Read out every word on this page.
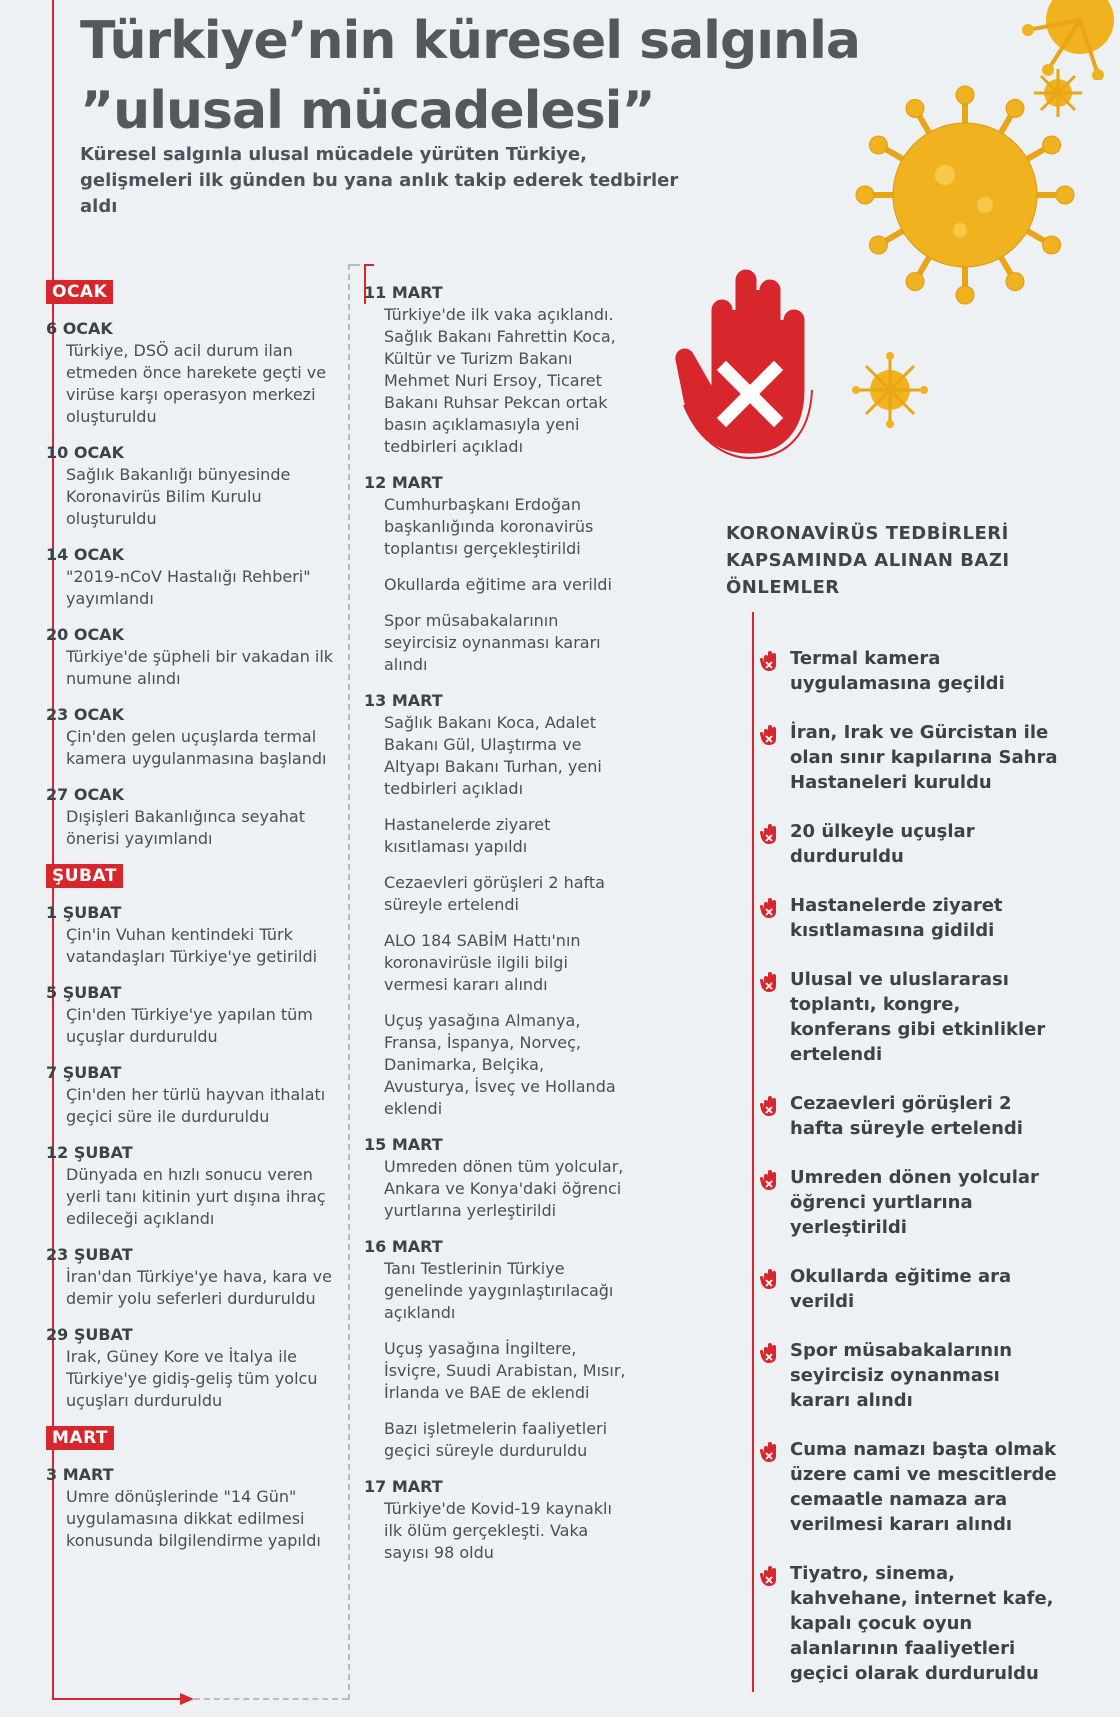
Türkiye’nin küresel salgınla
”ulusal mücadelesi”

Küresel salgınla ulusal mücadele yürüten Türkiye, gelişmeleri ilk günden bu yana anlık takip ederek tedbirler aldı

OCAK
6 OCAK
Türkiye, DSÖ acil durum ilan etmeden önce harekete geçti ve virüse karşı operasyon merkezi oluşturuldu
10 OCAK
Sağlık Bakanlığı bünyesinde Koronavirüs Bilim Kurulu oluşturuldu
14 OCAK
"2019-nCoV Hastalığı Rehberi" yayımlandı
20 OCAK
Türkiye'de şüpheli bir vakadan ilk numune alındı
23 OCAK
Çin'den gelen uçuşlarda termal kamera uygulanmasına başlandı
27 OCAK
Dışişleri Bakanlığınca seyahat önerisi yayımlandı
ŞUBAT
1 ŞUBAT
Çin'in Vuhan kentindeki Türk vatandaşları Türkiye'ye getirildi
5 ŞUBAT
Çin'den Türkiye'ye yapılan tüm uçuşlar durduruldu
7 ŞUBAT
Çin'den her türlü hayvan ithalatı geçici süre ile durduruldu
12 ŞUBAT
Dünyada en hızlı sonucu veren yerli tanı kitinin yurt dışına ihraç edileceği açıklandı
23 ŞUBAT
İran'dan Türkiye'ye hava, kara ve demir yolu seferleri durduruldu
29 ŞUBAT
Irak, Güney Kore ve İtalya ile Türkiye'ye gidiş-geliş tüm yolcu uçuşları durduruldu
MART
3 MART
Umre dönüşlerinde "14 Gün" uygulamasına dikkat edilmesi konusunda bilgilendirme yapıldı
11 MART
Türkiye'de ilk vaka açıklandı. Sağlık Bakanı Fahrettin Koca, Kültür ve Turizm Bakanı Mehmet Nuri Ersoy, Ticaret Bakanı Ruhsar Pekcan ortak basın açıklamasıyla yeni tedbirleri açıkladı
12 MART
Cumhurbaşkanı Erdoğan başkanlığında koronavirüs toplantısı gerçekleştirildi
Okullarda eğitime ara verildi
Spor müsabakalarının seyircisiz oynanması kararı alındı
13 MART
Sağlık Bakanı Koca, Adalet Bakanı Gül, Ulaştırma ve Altyapı Bakanı Turhan, yeni tedbirleri açıkladı
Hastanelerde ziyaret kısıtlaması yapıldı
Cezaevleri görüşleri 2 hafta süreyle ertelendi
ALO 184 SABİM Hattı'nın koronavirüsle ilgili bilgi vermesi kararı alındı
Uçuş yasağına Almanya, Fransa, İspanya, Norveç, Danimarka, Belçika, Avusturya, İsveç ve Hollanda eklendi
15 MART
Umreden dönen tüm yolcular, Ankara ve Konya'daki öğrenci yurtlarına yerleştirildi
16 MART
Tanı Testlerinin Türkiye genelinde yaygınlaştırılacağı açıklandı
Uçuş yasağına İngiltere, İsviçre, Suudi Arabistan, Mısır, İrlanda ve BAE de eklendi
Bazı işletmelerin faaliyetleri geçici süreyle durduruldu
17 MART
Türkiye'de Kovid-19 kaynaklı ilk ölüm gerçekleşti. Vaka sayısı 98 oldu

KORONAVİRÜS TEDBİRLERİ KAPSAMINDA ALINAN BAZI ÖNLEMLER

Termal kamera uygulamasına geçildi
İran, Irak ve Gürcistan ile olan sınır kapılarına Sahra Hastaneleri kuruldu
20 ülkeyle uçuşlar durduruldu
Hastanelerde ziyaret kısıtlamasına gidildi
Ulusal ve uluslararası toplantı, kongre, konferans gibi etkinlikler ertelendi
Cezaevleri görüşleri 2 hafta süreyle ertelendi
Umreden dönen yolcular öğrenci yurtlarına yerleştirildi
Okullarda eğitime ara verildi
Spor müsabakalarının seyircisiz oynanması kararı alındı
Cuma namazı başta olmak üzere cami ve mescitlerde cemaatle namaza ara verilmesi kararı alındı
Tiyatro, sinema, kahvehane, internet kafe, kapalı çocuk oyun alanlarının faaliyetleri geçici olarak durduruldu
